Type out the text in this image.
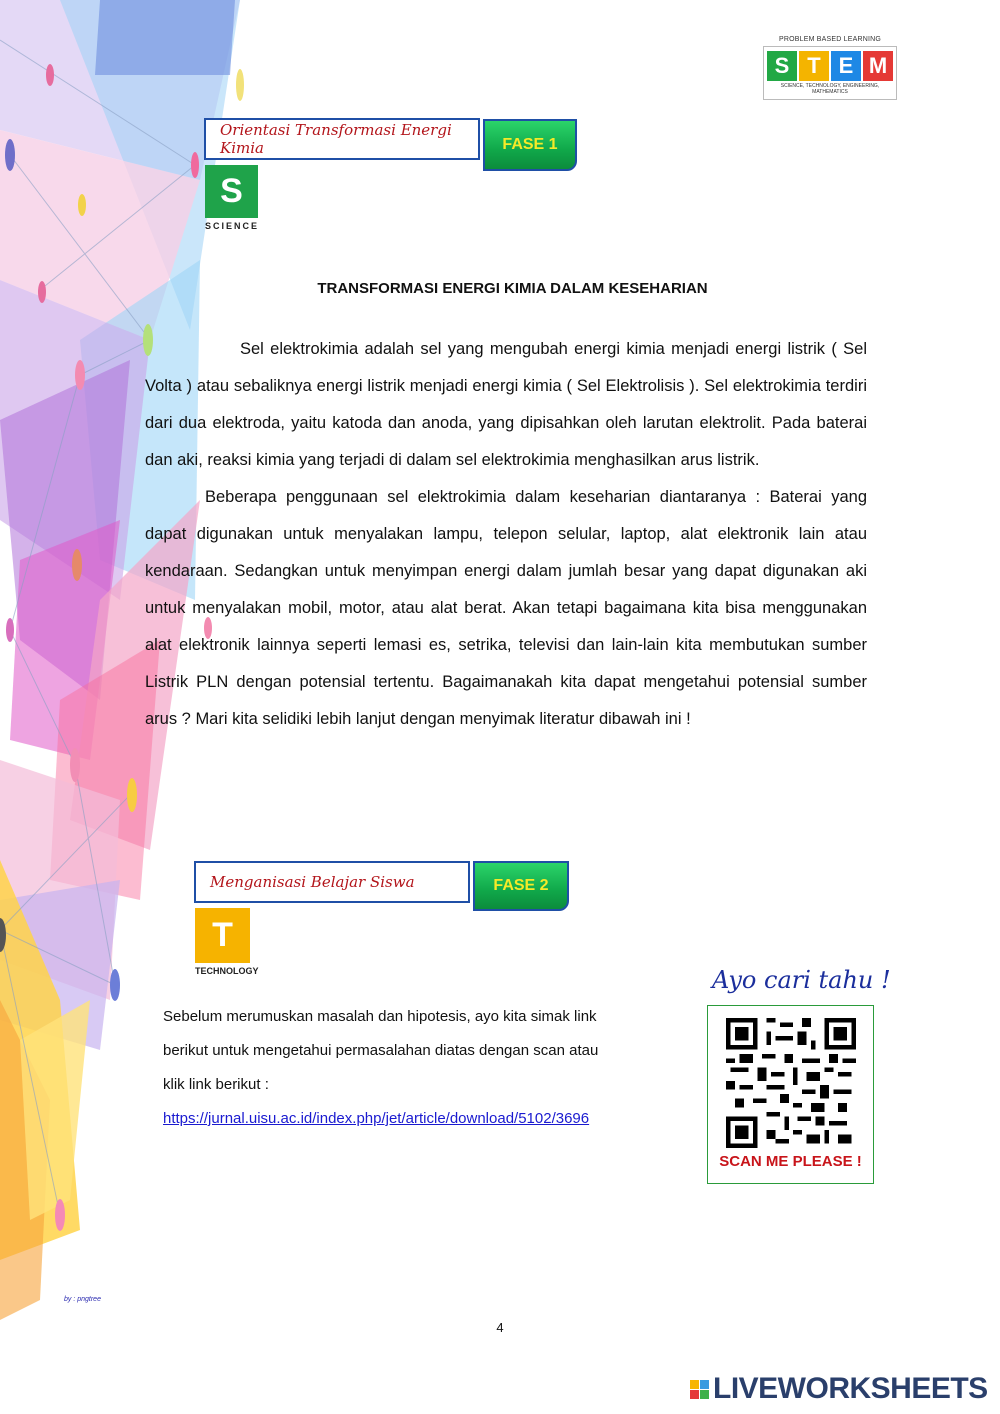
PROBLEM BASED LEARNING
S T E M
SCIENCE, TECHNOLOGY, ENGINEERING, MATHEMATICS
Orientasi Transformasi Energi Kimia	FASE 1
S
SCIENCE
TRANSFORMASI ENERGI KIMIA DALAM KESEHARIAN

Sel elektrokimia adalah sel yang mengubah energi kimia menjadi energi listrik ( Sel Volta ) atau sebaliknya energi listrik menjadi energi kimia ( Sel Elektrolisis ). Sel elektrokimia terdiri dari dua elektroda, yaitu katoda dan anoda, yang dipisahkan oleh larutan elektrolit. Pada baterai dan aki, reaksi kimia yang terjadi di dalam sel elektrokimia menghasilkan arus listrik.

Beberapa penggunaan sel elektrokimia dalam keseharian diantaranya : Baterai yang dapat digunakan untuk menyalakan lampu, telepon selular, laptop, alat elektronik lain atau kendaraan. Sedangkan untuk menyimpan energi dalam jumlah besar yang dapat digunakan aki untuk menyalakan mobil, motor, atau alat berat. Akan tetapi bagaimana kita bisa menggunakan alat elektronik lainnya seperti lemasi es, setrika, televisi dan lain-lain kita membutukan sumber Listrik PLN dengan potensial tertentu. Bagaimanakah kita dapat mengetahui potensial sumber arus ? Mari kita selidiki lebih lanjut dengan menyimak literatur dibawah ini !

Menganisasi Belajar Siswa	FASE 2
T
TECHNOLOGY
Sebelum merumuskan masalah dan hipotesis, ayo kita simak link
berikut untuk mengetahui permasalahan diatas dengan scan atau
klik link berikut :
https://jurnal.uisu.ac.id/index.php/jet/article/download/5102/3696
Ayo cari tahu !
SCAN ME PLEASE !
by : pngtree
4
LIVEWORKSHEETS
